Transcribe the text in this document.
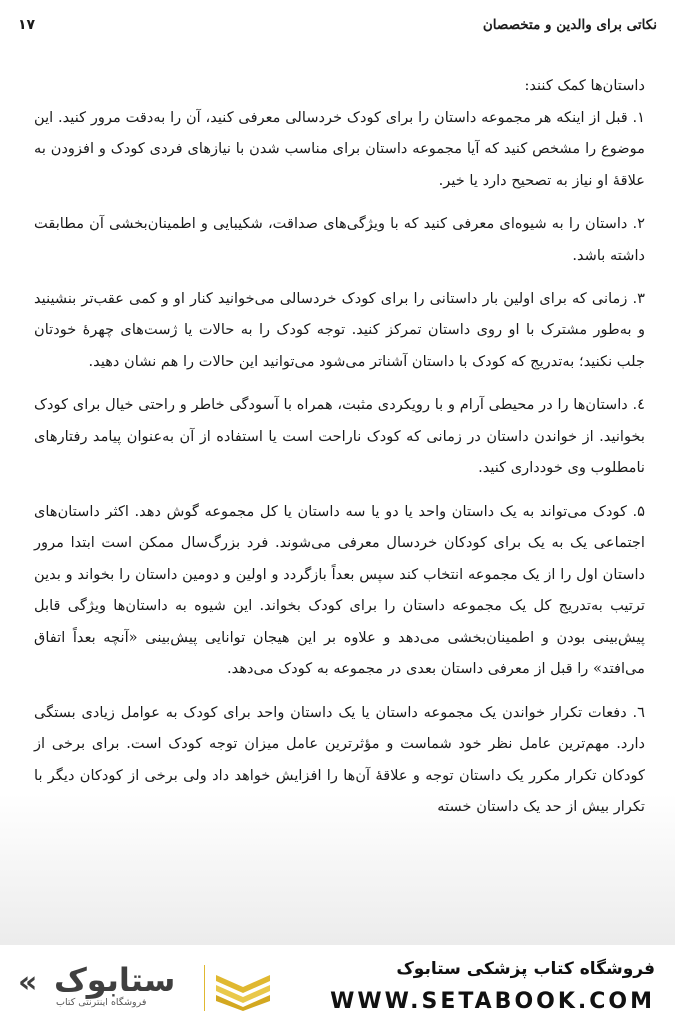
نکاتی برای والدین و متخصصان
۱۷

داستان‌ها کمک کنند:

۱. قبل از اینکه هر مجموعه داستان را برای کودک خردسالی معرفی کنید، آن را به‌دقت مرور کنید. این موضوع را مشخص کنید که آیا مجموعه داستان برای مناسب شدن با نیازهای فردی کودک و افزودن به علاقهٔ او نیاز به تصحیح دارد یا خیر.
۲. داستان را به شیوه‌ای معرفی کنید که با ویژگی‌های صداقت، شکیبایی و اطمینان‌بخشی آن مطابقت داشته باشد.
۳. زمانی که برای اولین بار داستانی را برای کودک خردسالی می‌خوانید کنار او و کمی عقب‌تر بنشینید و به‌طور مشترک با او روی داستان تمرکز کنید. توجه کودک را به حالات یا ژست‌های چهرهٔ خودتان جلب نکنید؛ به‌تدریج که کودک با داستان آشناتر می‌شود می‌توانید این حالات را هم نشان دهید.
٤. داستان‌ها را در محیطی آرام و با رویکردی مثبت، همراه با آسودگی خاطر و راحتی خیال برای کودک بخوانید. از خواندن داستان در زمانی که کودک ناراحت است یا استفاده از آن به‌عنوان پیامد رفتارهای نامطلوب وی خودداری کنید.
۵. کودک می‌تواند به یک داستان واحد یا دو یا سه داستان یا کل مجموعه گوش دهد. اکثر داستان‌های اجتماعی یک به یک برای کودکان خردسال معرفی می‌شوند. فرد بزرگ‌سال ممکن است ابتدا مرور داستان اول را از یک مجموعه انتخاب کند سپس بعداً بازگردد و اولین و دومین داستان را بخواند و بدین ترتیب به‌تدریج کل یک مجموعه داستان را برای کودک بخواند. این شیوه به داستان‌ها ویژگی قابل پیش‌بینی بودن و اطمینان‌بخشی می‌دهد و علاوه بر این هیجان توانایی پیش‌بینی «آنچه بعداً اتفاق می‌افتد» را قبل از معرفی داستان بعدی در مجموعه به کودک می‌دهد.
٦. دفعات تکرار خواندن یک مجموعه داستان یا یک داستان واحد برای کودک به عوامل زیادی بستگی دارد. مهم‌ترین عامل نظر خود شماست و مؤثرترین عامل میزان توجه کودک است. برای برخی از کودکان تکرار مکرر یک داستان توجه و علاقهٔ آن‌ها را افزایش خواهد داد ولی برخی از کودکان دیگر با تکرار بیش از حد یک داستان خسته
« ستابوک
فروشگاه اینترنتی کتاب
فروشگاه کتاب پزشکی ستابوک
WWW.SETABOOK.COM
